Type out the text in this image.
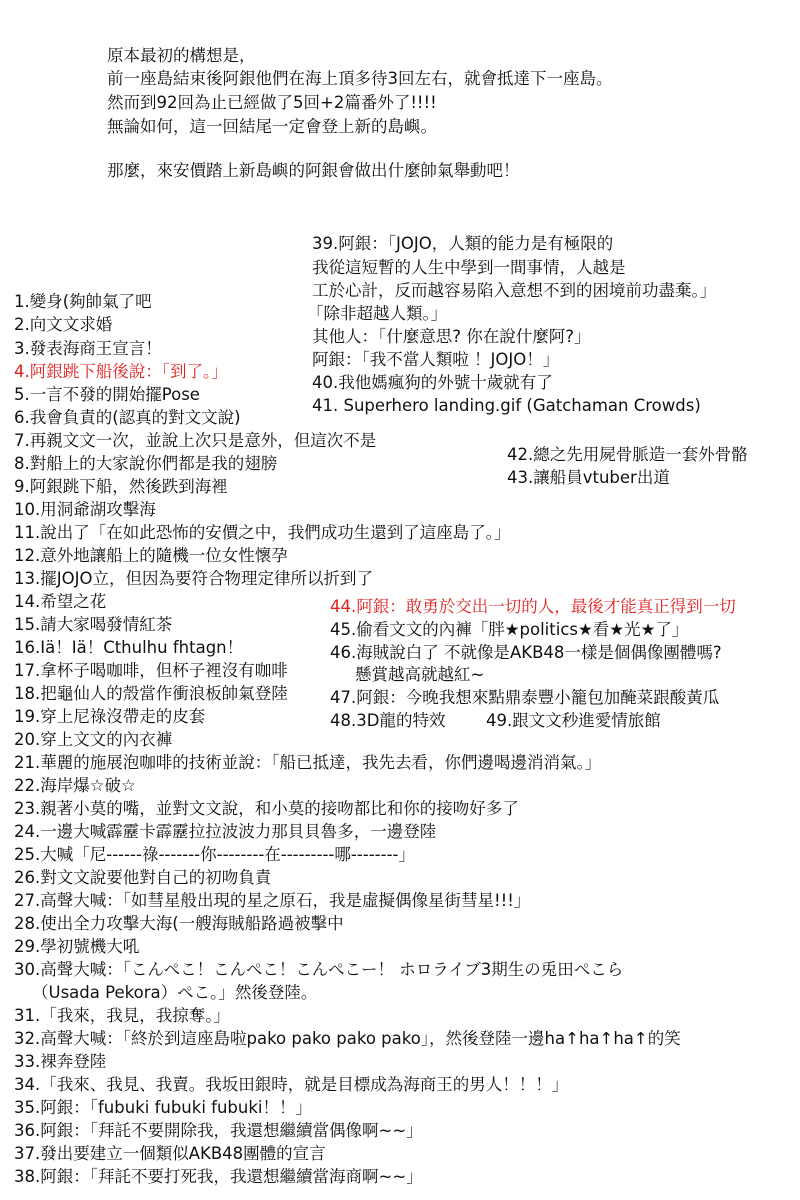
原本最初的構想是，
前一座島結束後阿銀他們在海上頂多待3回左右，就會抵達下一座島。
然而到92回為止已經做了5回+2篇番外了!!!!
無論如何，這一回結尾一定會登上新的島嶼。
那麼，來安價踏上新島嶼的阿銀會做出什麼帥氣舉動吧！
39.阿銀：「JOJO，人類的能力是有極限的
我從這短暫的人生中學到一間事情，人越是
工於心計，反而越容易陷入意想不到的困境前功盡棄。」
「除非超越人類。」
其他人：「什麼意思? 你在說什麼阿?」
阿銀：「我不當人類啦 ！JOJO！」
40.我他媽瘋狗的外號十歲就有了
41. Superhero landing.gif (Gatchaman Crowds)
42.總之先用屍骨脈造一套外骨骼
43.讓船員vtuber出道
44.阿銀：敢勇於交出一切的人，最後才能真正得到一切
45.偷看文文的內褲「胖★politics★看★光★了」
46.海賊說白了 不就像是AKB48一樣是個偶像團體嗎?
懸賞越高就越紅~
47.阿銀：今晚我想來點鼎泰豐小籠包加醃菜跟酸黃瓜
48.3D龍的特效 49.跟文文秒進愛情旅館
1.變身(夠帥氣了吧
2.向文文求婚
3.發表海商王宣言！
4.阿銀跳下船後說：「到了。」
5.一言不發的開始擺Pose
6.我會負責的(認真的對文文說)
7.再親文文一次，並說上次只是意外，但這次不是
8.對船上的大家說你們都是我的翅膀
9.阿銀跳下船，然後跌到海裡
10.用洞爺湖攻擊海
11.說出了「在如此恐怖的安價之中，我們成功生還到了這座島了。」
12.意外地讓船上的隨機一位女性懷孕
13.擺JOJO立，但因為要符合物理定律所以折到了
14.希望之花
15.請大家喝發情紅茶
16.Iä！Iä！Cthulhu fhtagn！
17.拿杯子喝咖啡，但杯子裡沒有咖啡
18.把龜仙人的殼當作衝浪板帥氣登陸
19.穿上尼祿沒帶走的皮套
20.穿上文文的內衣褲
21.華麗的施展泡咖啡的技術並說：「船已抵達，我先去看，你們邊喝邊消消氣。」
22.海岸爆☆破☆
23.親著小莫的嘴，並對文文說，和小莫的接吻都比和你的接吻好多了
24.一邊大喊霹靂卡霹靂拉拉波波力那貝貝魯多，一邊登陸
25.大喊「尼------祿-------你--------在---------哪--------」
26.對文文說要他對自己的初吻負責
27.高聲大喊：「如彗星般出現的星之原石，我是虛擬偶像星街彗星!!!」
28.使出全力攻擊大海(一艘海賊船路過被擊中
29.學初號機大吼
30.高聲大喊：「こんぺこ！こんぺこ！こんぺこー！ ホロライブ3期生の兎田ぺこら
（Usada Pekora）ぺこ。」然後登陸。
31.「我來，我見，我掠奪。」
32.高聲大喊：「終於到這座島啦pako pako pako pako」，然後登陸一邊ha↑ha↑ha↑的笑
33.裸奔登陸
34.「我來、我見、我賣。我坂田銀時，就是目標成為海商王的男人！！！」
35.阿銀：「fubuki fubuki fubuki！！」
36.阿銀：「拜託不要開除我，我還想繼續當偶像啊~~」
37.發出要建立一個類似AKB48團體的宣言
38.阿銀：「拜託不要打死我，我還想繼續當海商啊~~」
